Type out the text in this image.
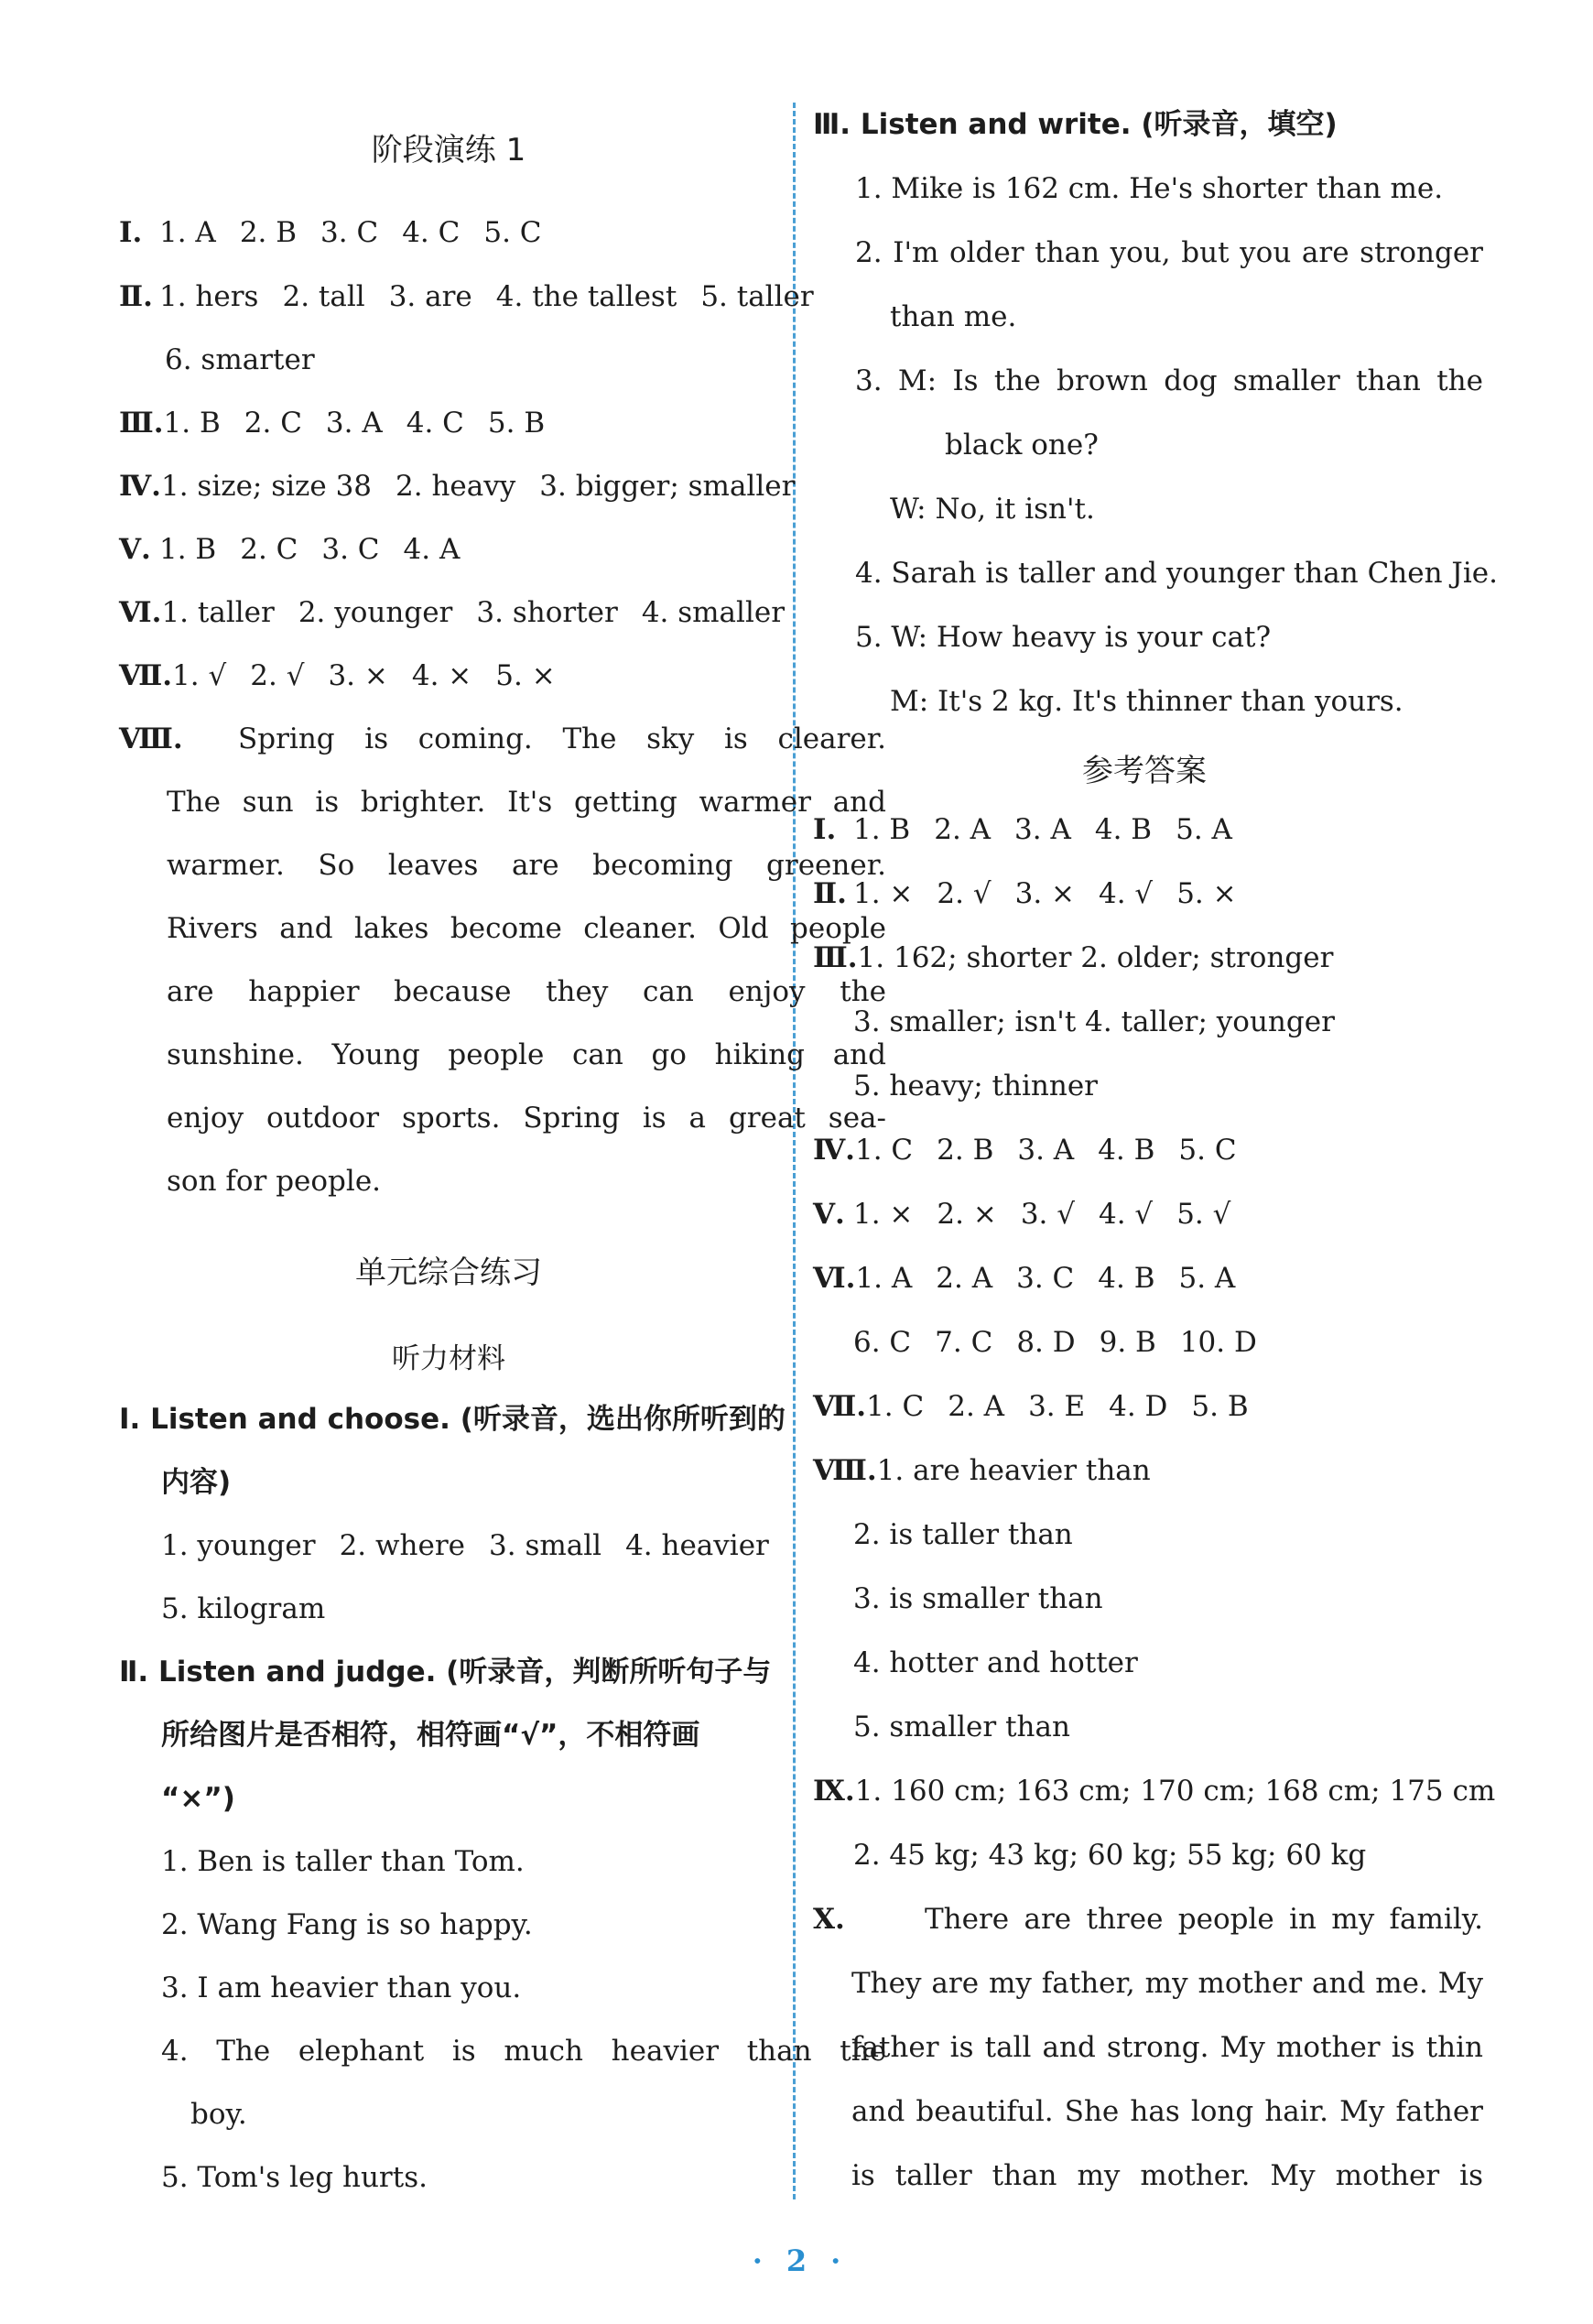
阶段演练 1
Ⅰ. 1. A 2. B 3. C 4. C 5. C
Ⅱ. 1. hers 2. tall 3. are 4. the tallest 5. taller
6. smarter
Ⅲ.1. B 2. C 3. A 4. C 5. B
Ⅳ.1. size; size 38 2. heavy 3. bigger; smaller
Ⅴ. 1. B 2. C 3. C 4. A
Ⅵ.1. taller 2. younger 3. shorter 4. smaller
Ⅶ.1. √ 2. √ 3. × 4. × 5. ×
Ⅷ. Spring is coming. The sky is clearer.
The sun is brighter. It's getting warmer and
warmer. So leaves are becoming greener.
Rivers and lakes become cleaner. Old people
are happier because they can enjoy the
sunshine. Young people can go hiking and
enjoy outdoor sports. Spring is a great sea-
son for people.
单元综合练习
听力材料
Ⅰ. Listen and choose. (听录音，选出你所听到的
内容)
1. younger 2. where 3. small 4. heavier
5. kilogram
Ⅱ. Listen and judge. (听录音，判断所听句子与
所给图片是否相符，相符画“√”，不相符画
“×”)
1. Ben is taller than Tom.
2. Wang Fang is so happy.
3. I am heavier than you.
4. The elephant is much heavier than the
boy.
5. Tom's leg hurts.
Ⅲ. Listen and write. (听录音，填空)
1. Mike is 162 cm. He's shorter than me.
2. I'm older than you, but you are stronger
than me.
3. M: Is the brown dog smaller than the
black one?
W: No, it isn't.
4. Sarah is taller and younger than Chen Jie.
5. W: How heavy is your cat?
M: It's 2 kg. It's thinner than yours.
参考答案
Ⅰ. 1. B 2. A 3. A 4. B 5. A
Ⅱ. 1. × 2. √ 3. × 4. √ 5. ×
Ⅲ.1. 162; shorter 2. older; stronger
3. smaller; isn't 4. taller; younger
5. heavy; thinner
Ⅳ.1. C 2. B 3. A 4. B 5. C
Ⅴ. 1. × 2. × 3. √ 4. √ 5. √
Ⅵ.1. A 2. A 3. C 4. B 5. A
6. C 7. C 8. D 9. B 10. D
Ⅶ.1. C 2. A 3. E 4. D 5. B
Ⅷ.1. are heavier than
2. is taller than
3. is smaller than
4. hotter and hotter
5. smaller than
Ⅸ.1. 160 cm; 163 cm; 170 cm; 168 cm; 175 cm
2. 45 kg; 43 kg; 60 kg; 55 kg; 60 kg
Ⅹ.	There are three people in my family.
They are my father, my mother and me. My
father is tall and strong. My mother is thin
and beautiful. She has long hair. My father
is taller than my mother. My mother is
· 2 ·
